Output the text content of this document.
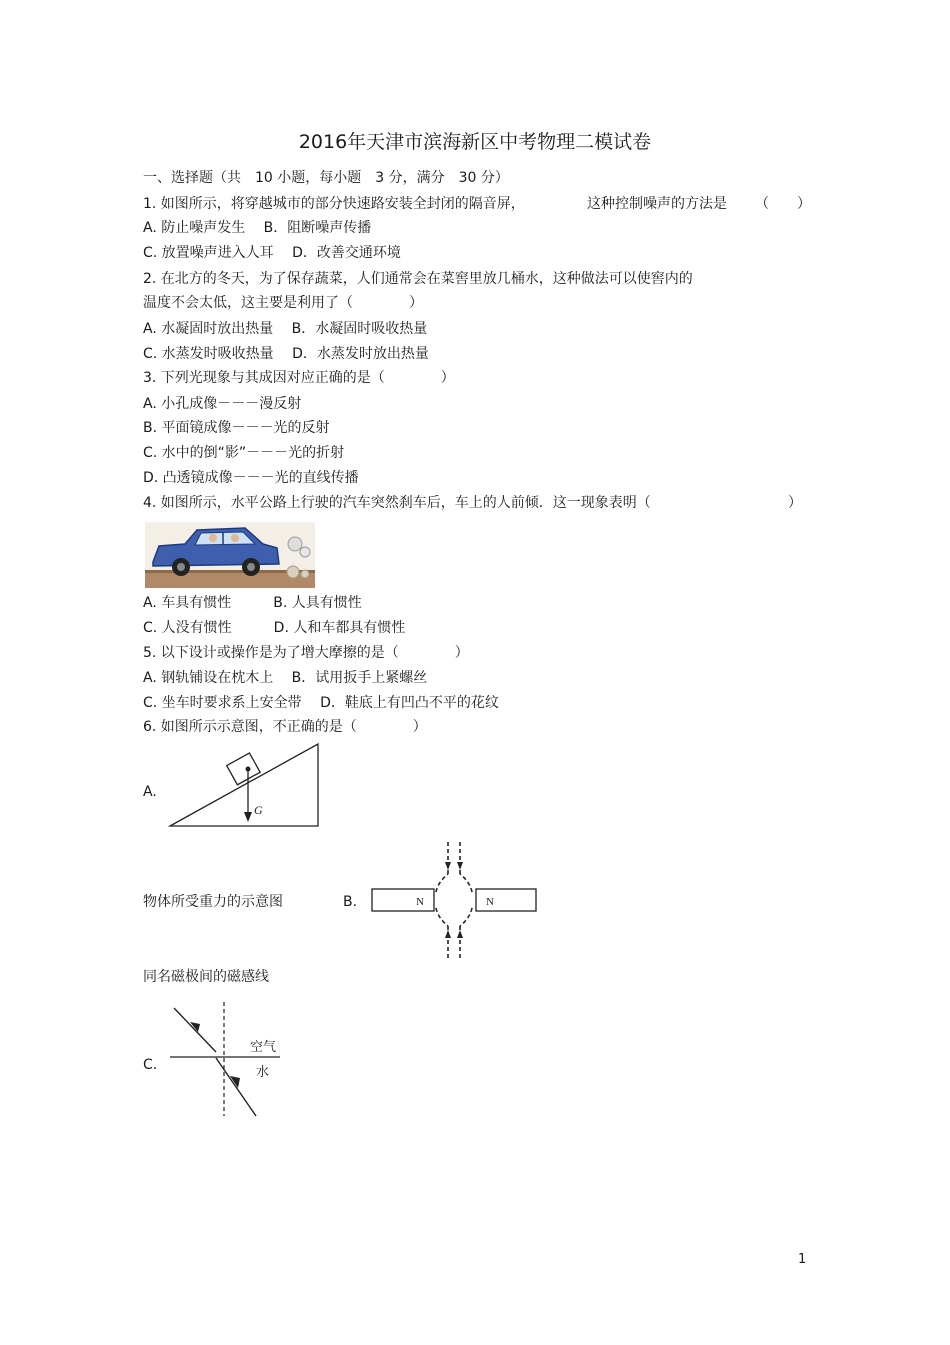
2016年天津市滨海新区中考物理二模试卷
一、选择题（共　10 小题，每小题　3 分，满分　30 分）
1. 如图所示，将穿越城市的部分快速路安装全封闭的隔音屏，	这种控制噪声的方法是 （　　）
A. 防止噪声发生　 B．阻断噪声传播
C. 放置噪声进入人耳　 D．改善交通环境
2. 在北方的冬天，为了保存蔬菜，人们通常会在菜窖里放几桶水，这种做法可以使窖内的
温度不会太低，这主要是利用了（　　　　）
A. 水凝固时放出热量　 B．水凝固时吸收热量
C. 水蒸发时吸收热量　 D．水蒸发时放出热量
3. 下列光现象与其成因对应正确的是（　　　　）
A. 小孔成像－－－漫反射
B. 平面镜成像－－－光的反射
C. 水中的倒“影”－－－光的折射
D. 凸透镜成像－－－光的直线传播
4. 如图所示，水平公路上行驶的汽车突然刹车后，车上的人前倾．这一现象表明（	）
A. 车具有惯性　　　B. 人具有惯性
C. 人没有惯性　　　D. 人和车都具有惯性
5. 以下设计或操作是为了增大摩擦的是（　　　　）
A. 钢轨铺设在枕木上　 B．试用扳手上紧螺丝
C. 坐车时要求系上安全带　 D．鞋底上有凹凸不平的花纹
6. 如图所示示意图，不正确的是（　　　　）
A.
G
物体所受重力的示意图	B.	N	N
同名磁极间的磁感线
C.
空气
水
1
